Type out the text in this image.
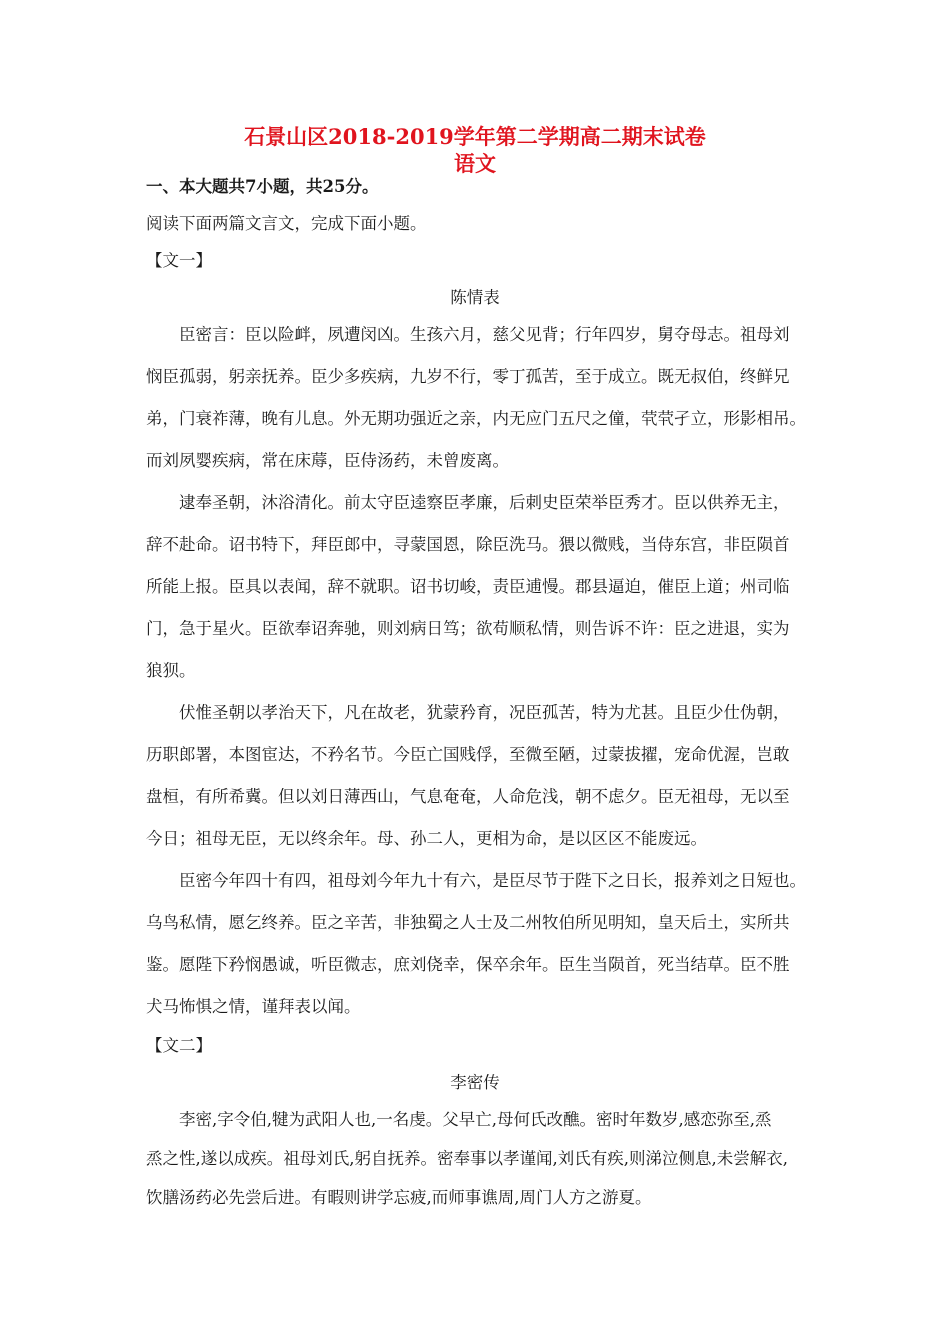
石景山区2018-2019学年第二学期高二期末试卷
语文
一、本大题共7小题，共25分。
阅读下面两篇文言文，完成下面小题。
【文一】
陈情表
　　臣密言：臣以险衅，夙遭闵凶。生孩六月，慈父见背；行年四岁，舅夺母志。祖母刘
悯臣孤弱，躬亲抚养。臣少多疾病，九岁不行，零丁孤苦，至于成立。既无叔伯，终鲜兄
弟，门衰祚薄，晚有儿息。外无期功强近之亲，内无应门五尺之僮，茕茕孑立，形影相吊。
而刘夙婴疾病，常在床蓐，臣侍汤药，未曾废离。
　　逮奉圣朝，沐浴清化。前太守臣逵察臣孝廉，后刺史臣荣举臣秀才。臣以供养无主，
辞不赴命。诏书特下，拜臣郎中，寻蒙国恩，除臣洗马。猥以微贱，当侍东宫，非臣陨首
所能上报。臣具以表闻，辞不就职。诏书切峻，责臣逋慢。郡县逼迫，催臣上道；州司临
门，急于星火。臣欲奉诏奔驰，则刘病日笃；欲苟顺私情，则告诉不许：臣之进退，实为
狼狈。
　　伏惟圣朝以孝治天下，凡在故老，犹蒙矜育，况臣孤苦，特为尤甚。且臣少仕伪朝，
历职郎署，本图宦达，不矜名节。今臣亡国贱俘，至微至陋，过蒙拔擢，宠命优渥，岂敢
盘桓，有所希冀。但以刘日薄西山，气息奄奄，人命危浅，朝不虑夕。臣无祖母，无以至
今日；祖母无臣，无以终余年。母、孙二人，更相为命，是以区区不能废远。
　　臣密今年四十有四，祖母刘今年九十有六，是臣尽节于陛下之日长，报养刘之日短也。
乌鸟私情，愿乞终养。臣之辛苦，非独蜀之人士及二州牧伯所见明知，皇天后土，实所共
鉴。愿陛下矜悯愚诚，听臣微志，庶刘侥幸，保卒余年。臣生当陨首，死当结草。臣不胜
犬马怖惧之情，谨拜表以闻。
【文二】
李密传
　　李密,字令伯,犍为武阳人也,一名虔。父早亡,母何氏改醮。密时年数岁,感恋弥至,烝
烝之性,遂以成疾。祖母刘氏,躬自抚养。密奉事以孝谨闻,刘氏有疾,则涕泣侧息,未尝解衣,
饮膳汤药必先尝后进。有暇则讲学忘疲,而师事谯周,周门人方之游夏。
